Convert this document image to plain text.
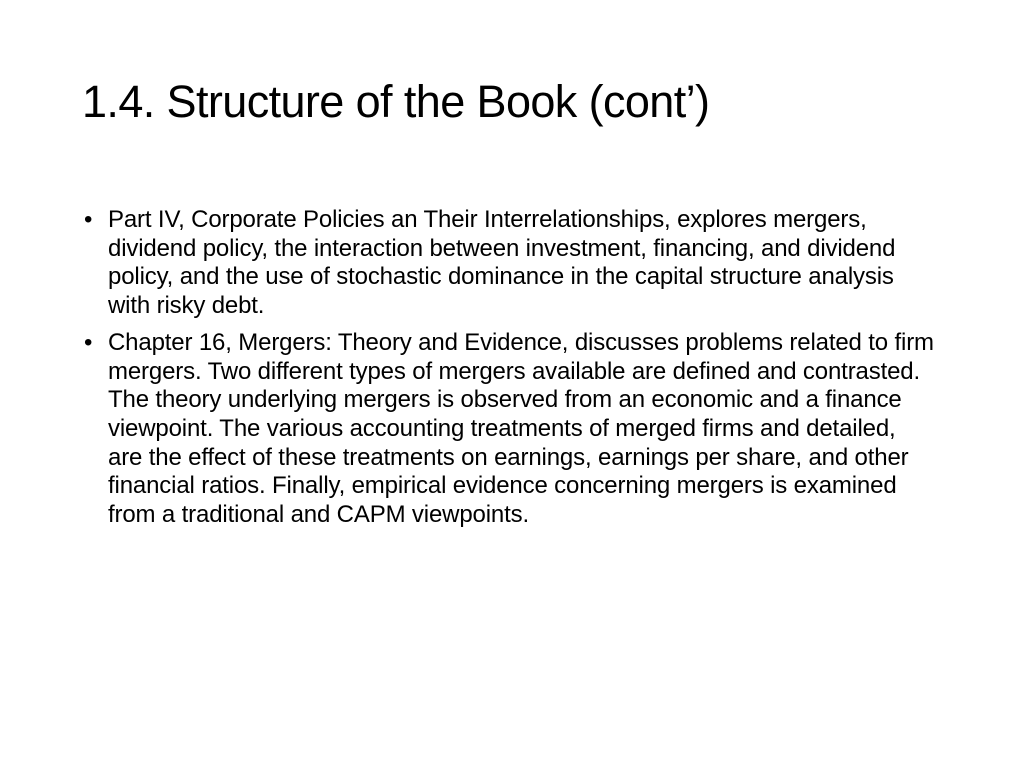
1.4. Structure of the Book (cont’)
• Part IV, Corporate Policies an Their Interrelationships, explores mergers, dividend policy, the interaction between investment, financing, and dividend policy, and the use of stochastic dominance in the capital structure analysis with risky debt.
• Chapter 16, Mergers: Theory and Evidence, discusses problems related to firm mergers. Two different types of mergers available are defined and contrasted. The theory underlying mergers is observed from an economic and a finance viewpoint. The various accounting treatments of merged firms and detailed, are the effect of these treatments on earnings, earnings per share, and other financial ratios. Finally, empirical evidence concerning mergers is examined from a traditional and CAPM viewpoints.
